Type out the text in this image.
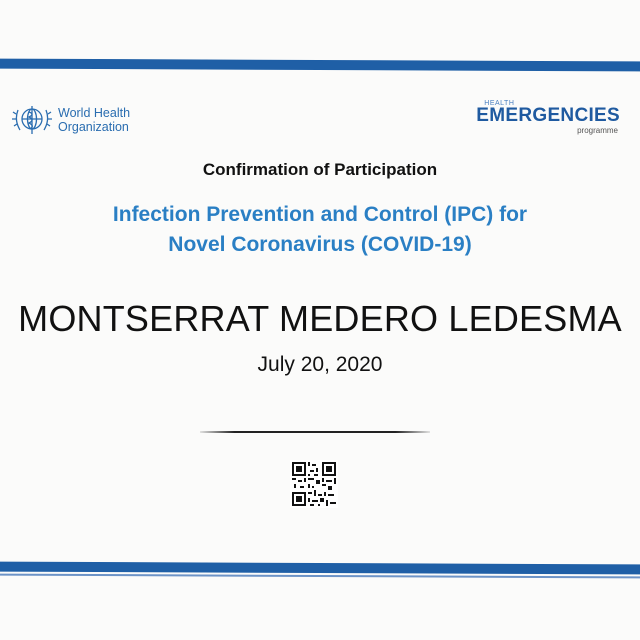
World Health
Organization
HEALTH
EMERGENCIES
programme
Confirmation of Participation
Infection Prevention and Control (IPC) for
Novel Coronavirus (COVID-19)
MONTSERRAT MEDERO LEDESMA
July 20, 2020
